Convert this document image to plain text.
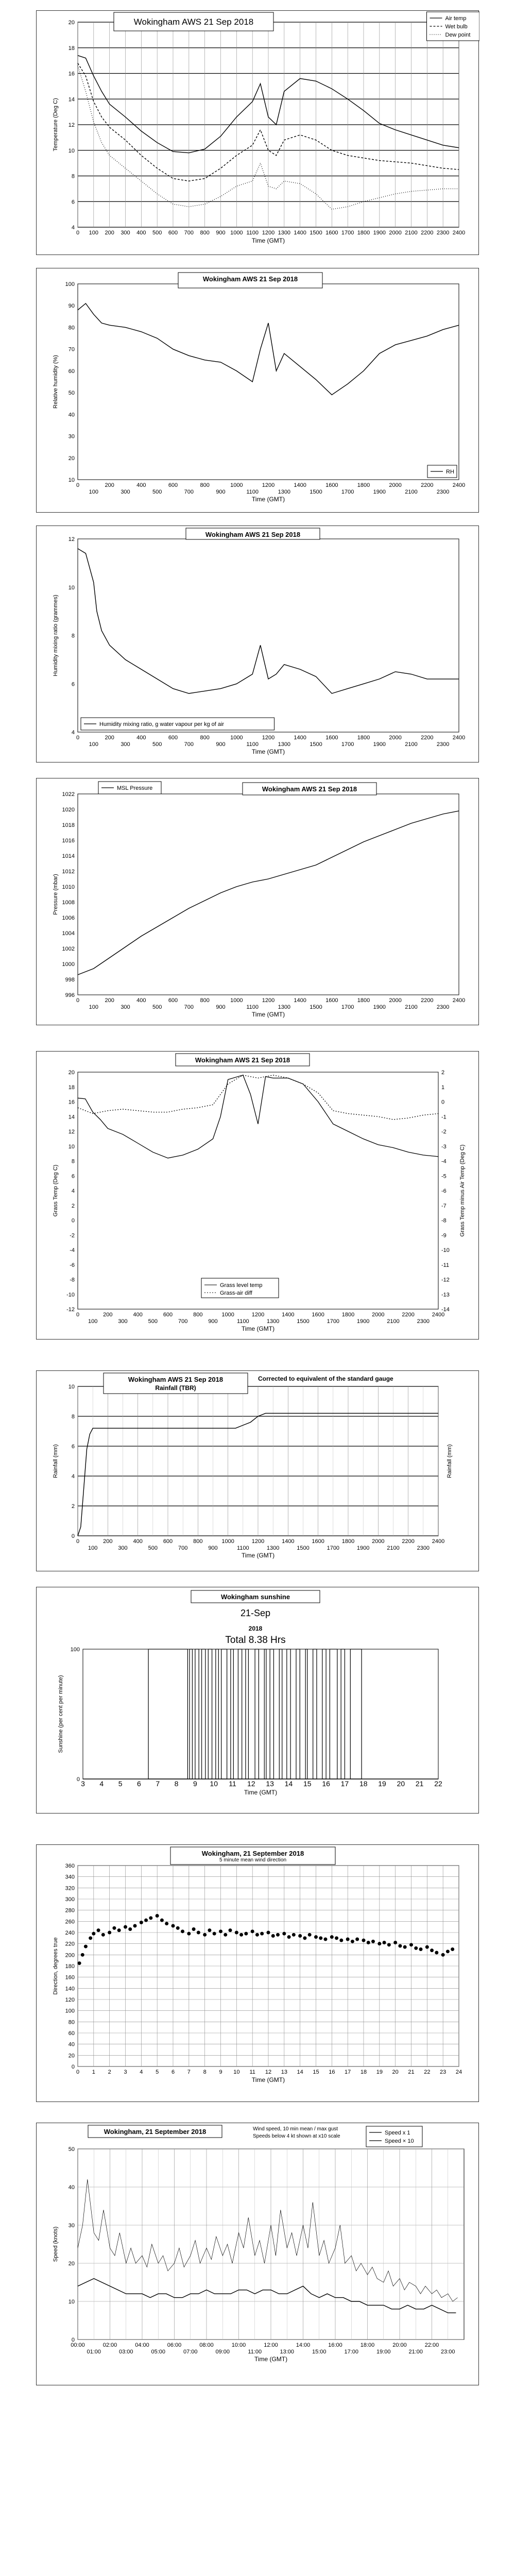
4
6
8
10
12
14
16
18
20
0 100 200 300 400 500 600 700 800 900 1000 1100 1200 1300 1400 1500 1600 1700 1800 1900 2000 2100 2200 2300 2400
Time (GMT)
Temperature (Deg C)
Wokingham AWS 21 Sep 2018	Air temp
Wet bulb
Dew point
10
20
30
40
50
60
70
80
90
100
0	200	400	600	800	1000	1200	1400	1600	1800	2000	2200	2400
100	300	500	700	900	1100	1300	1500	1700	1900	2100	2300
Time (GMT)
Relative humidity (%)
Wokingham AWS 21 Sep 2018
RH
4
6
8
10
12
0	200	400	600	800	1000	1200	1400	1600	1800	2000	2200	2400
100	300	500	700	900	1100	1300	1500	1700	1900	2100	2300
Time (GMT)
Humidity mixing ratio (grammes)
Wokingham AWS 21 Sep 2018
Humidity mixing ratio, g water vapour per kg of air
996
998
1000
1002
1004
1006
1008
1010
1012
1014
1016
1018
1020
1022
0	200	400	600	800	1000	1200	1400	1600	1800	2000	2200	2400
100	300	500	700	900	1100	1300	1500	1700	1900	2100	2300
Time (GMT)
Pressure (mbar)
Wokingham AWS 21 Sep 2018
MSL Pressure
-12
-10
-8
-6
-4
-2
0
2
4
6
8
10
12
14
16
18
20
0	200	400	600	800	1000	1200	1400	1600	1800	2000	2200	2400
100	300	500	700	900	1100	1300	1500	1700	1900	2100	2300
Time (GMT)
Grass Temp (Deg C)
Wokingham AWS 21 Sep 2018
-14
-13
-12
-11
-10
-9
-8
-7
-6
-5
-4
-3
-2
-1
0
1
2
Grass Temp minus Air Temp (Deg C)
Grass level temp
Grass-air diff
0
2
4
6
8
10
0	200	400	600	800	1000	1200	1400	1600	1800	2000	2200	2400
100	300	500	700	900	1100	1300	1500	1700	1900	2100	2300
Time (GMT)
Rainfall (mm)
Wokingham AWS 21 Sep 2018
Rainfall (TBR)
Corrected to equivalent of the standard gauge
Rainfall (mm)
0
100
3 4 5 6 7 8 9 10 11 12 13 14 15 16 17 18 19 20 21 22
Time (GMT)
Sunshine (per cent per minute)
Wokingham sunshine
21-Sep
2018
Total 8.38 Hrs
0
20
40
60
80
100
120
140
160
180
200
220
240
260
280
300
320
340
360
0 1 2 3 4 5 6 7 8 9 10 11 12 13 14 15 16 17 18 19 20 21 22 23 24
Time (GMT)
Direction, degrees true
Wokingham, 21 September 2018
5 minute mean wind direction
0
10
20
30
40
50
00:00	02:00	04:00	06:00	08:00	10:00	12:00	14:00	16:00	18:00	20:00	22:00
01:00	03:00	05:00	07:00	09:00	11:00	13:00	15:00	17:00	19:00	21:00	23:00
Time (GMT)
Speed (knots)
Wokingham, 21 September 2018	Wind speed, 10 min mean / max gust
Speeds below 4 kt shown at x10 scale
Speed x 1
Speed × 10
